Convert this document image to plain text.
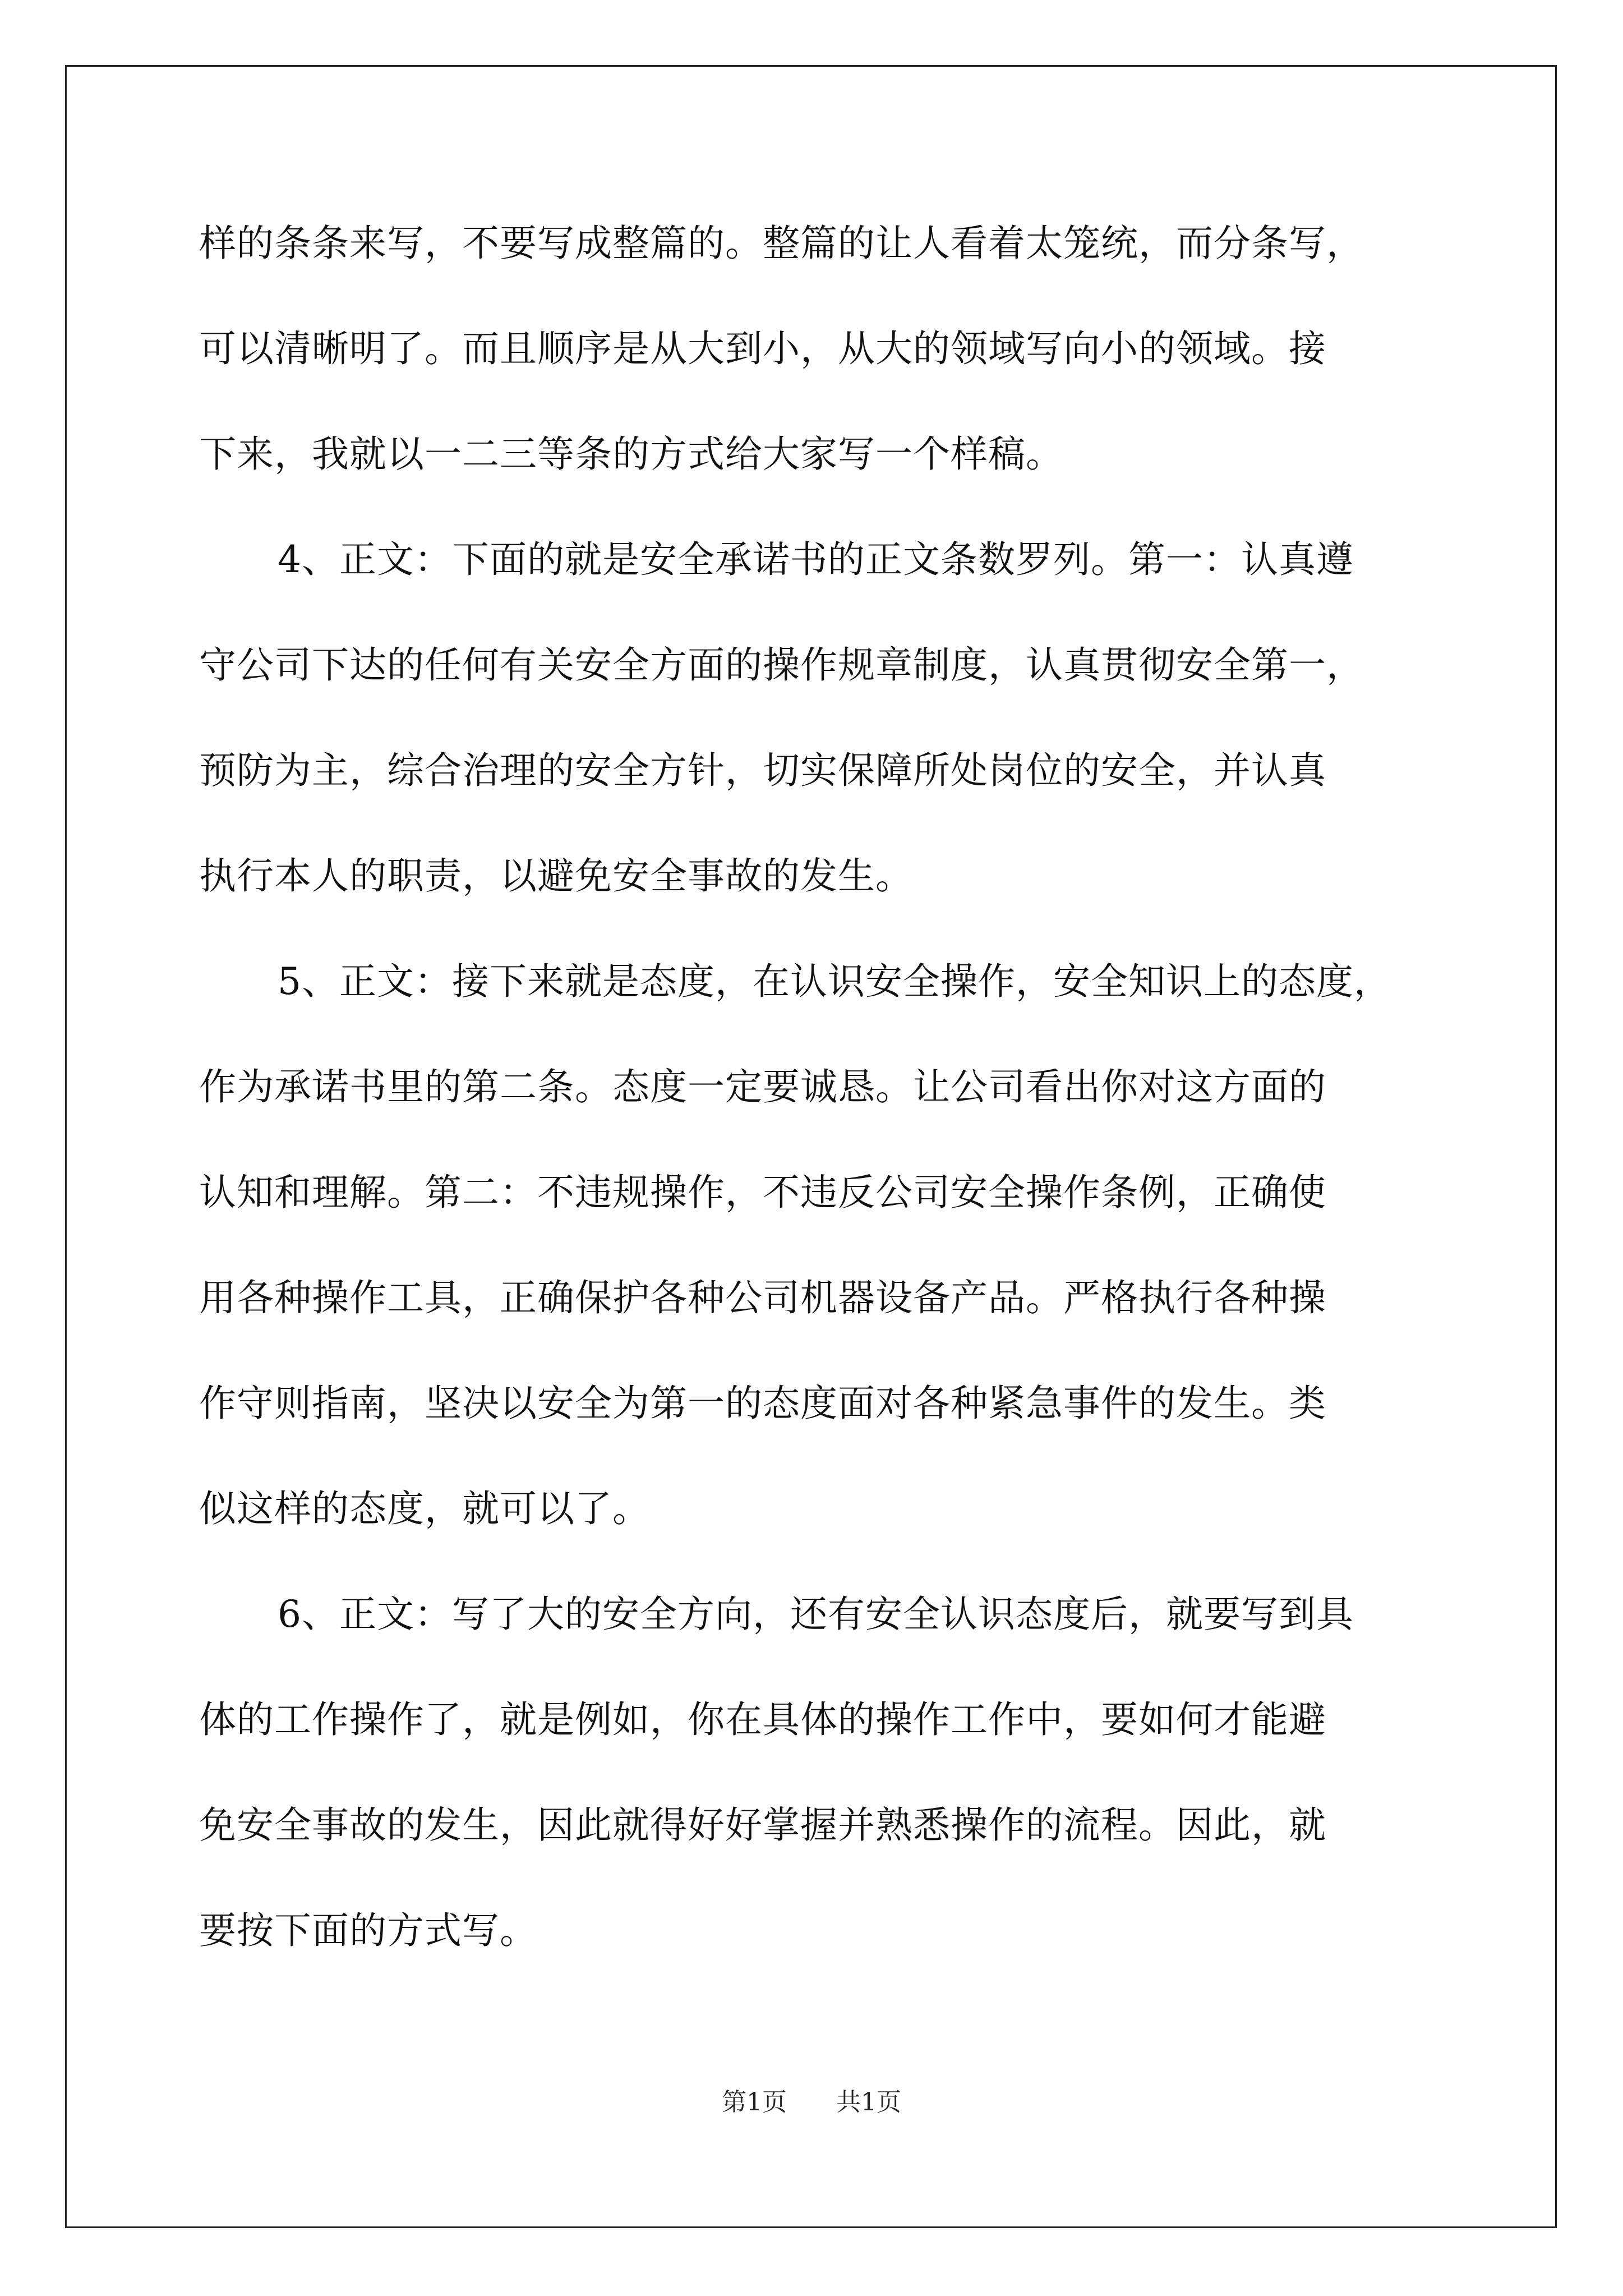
样的条条来写，不要写成整篇的。整篇的让人看着太笼统，而分条写，
可以清晰明了。而且顺序是从大到小，从大的领域写向小的领域。接
下来，我就以一二三等条的方式给大家写一个样稿。
4、正文：下面的就是安全承诺书的正文条数罗列。第一：认真遵
守公司下达的任何有关安全方面的操作规章制度，认真贯彻安全第一，
预防为主，综合治理的安全方针，切实保障所处岗位的安全，并认真
执行本人的职责，以避免安全事故的发生。
5、正文：接下来就是态度，在认识安全操作，安全知识上的态度，
作为承诺书里的第二条。态度一定要诚恳。让公司看出你对这方面的
认知和理解。第二：不违规操作，不违反公司安全操作条例，正确使
用各种操作工具，正确保护各种公司机器设备产品。严格执行各种操
作守则指南，坚决以安全为第一的态度面对各种紧急事件的发生。类
似这样的态度，就可以了。
6、正文：写了大的安全方向，还有安全认识态度后，就要写到具
体的工作操作了，就是例如，你在具体的操作工作中，要如何才能避
免安全事故的发生，因此就得好好掌握并熟悉操作的流程。因此，就
要按下面的方式写。
第1页 共1页
